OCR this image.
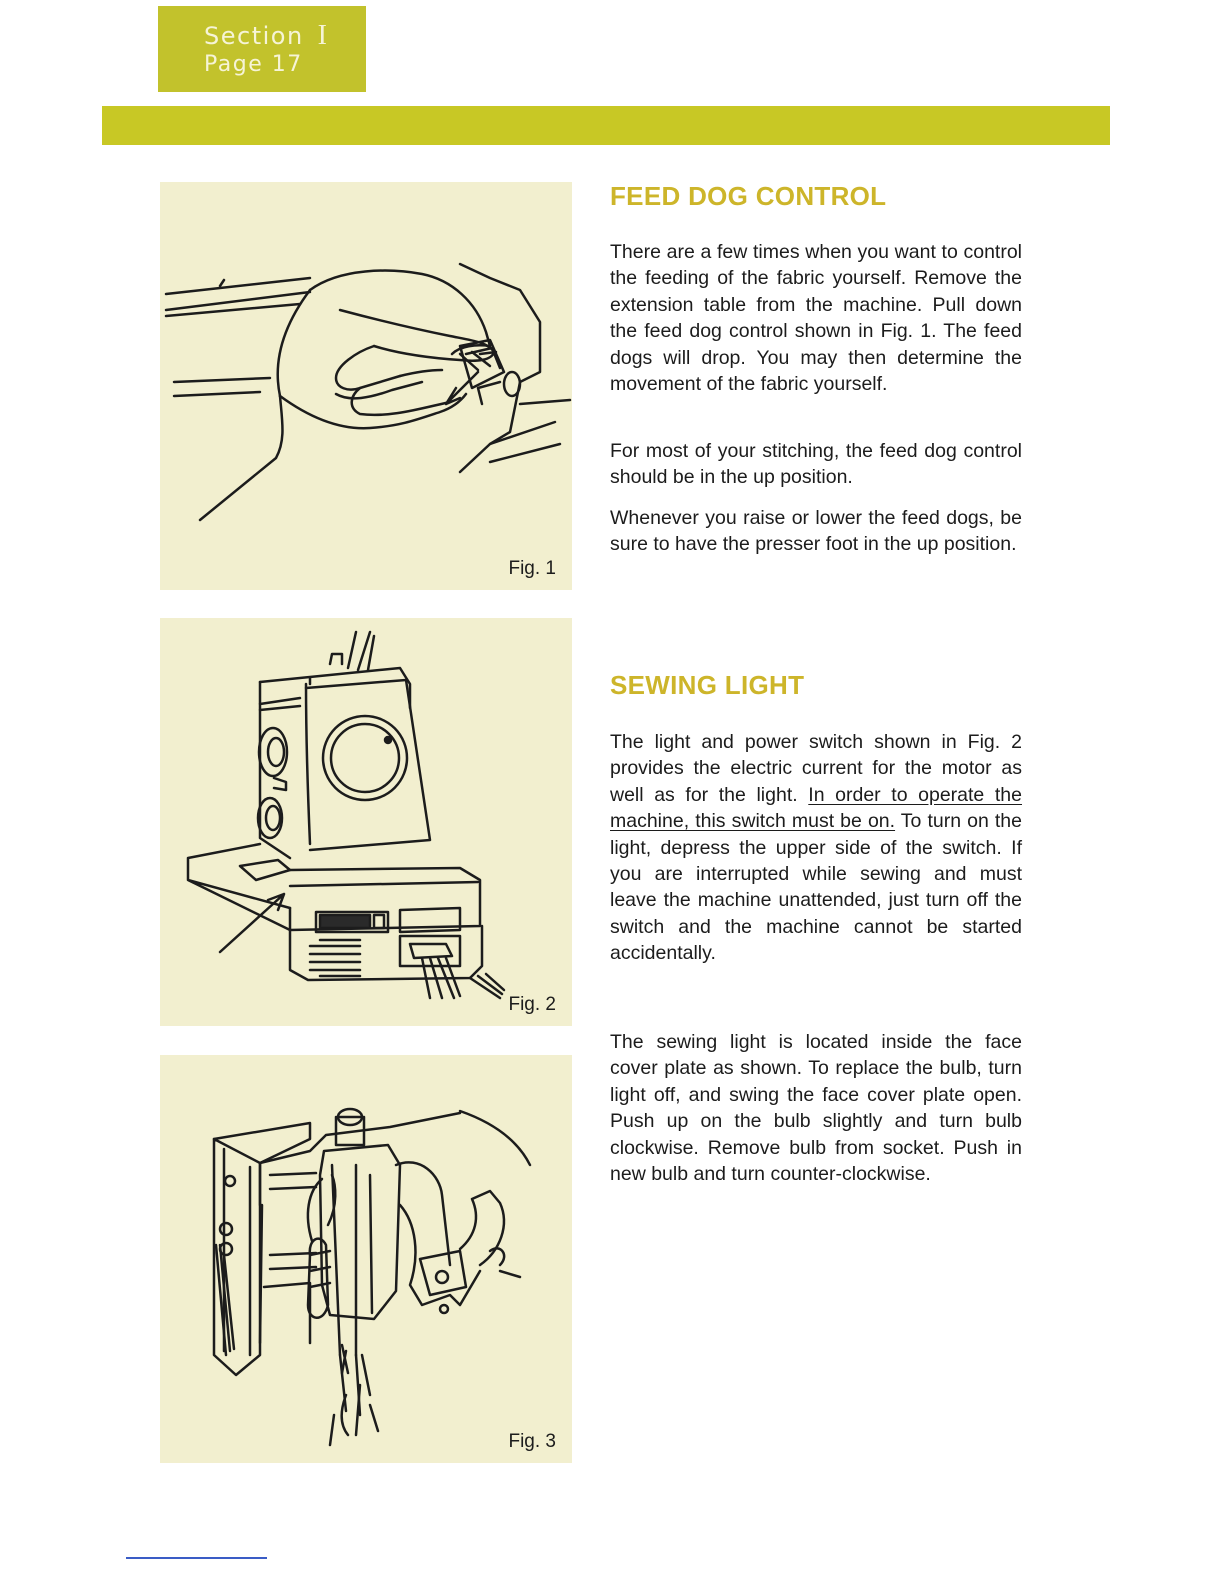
Section I
Page 17
Fig. 1
Fig. 2
Fig. 3
FEED DOG CONTROL

There are a few times when you want to control the feeding of the fabric yourself. Remove the extension table from the machine. Pull down the feed dog control shown in Fig. 1. The feed dogs will drop. You may then determine the movement of the fabric yourself.

For most of your stitching, the feed dog control should be in the up position.

Whenever you raise or lower the feed dogs, be sure to have the presser foot in the up position.

SEWING LIGHT

The light and power switch shown in Fig. 2 provides the electric current for the motor as well as for the light. In order to operate the machine, this switch must be on. To turn on the light, depress the upper side of the switch. If you are interrupted while sewing and must leave the machine unattended, just turn off the switch and the machine cannot be started accidentally.

The sewing light is located inside the face cover plate as shown. To replace the bulb, turn light off, and swing the face cover plate open. Push up on the bulb slightly and turn bulb clockwise. Remove bulb from socket. Push in new bulb and turn counter-clockwise.
